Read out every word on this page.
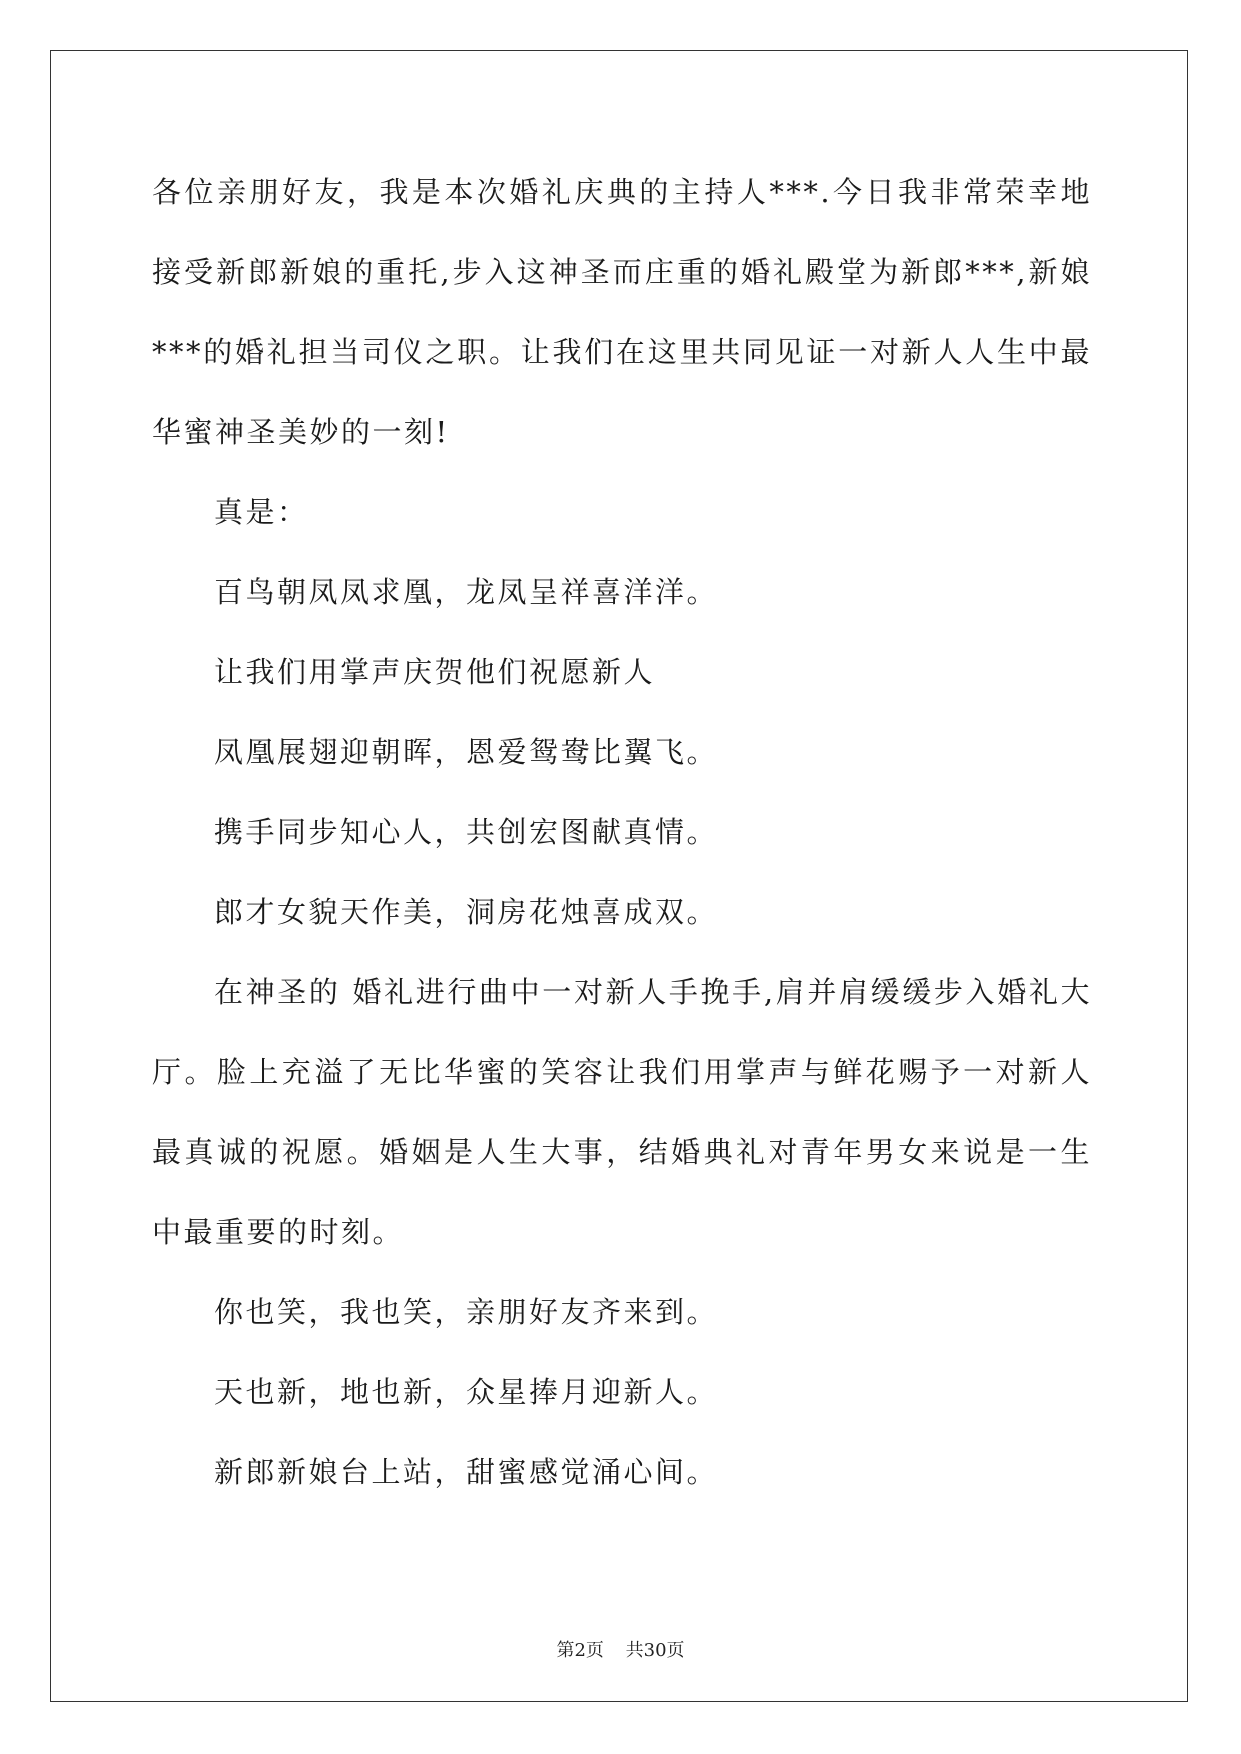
各位亲朋好友，我是本次婚礼庆典的主持人***.今日我非常荣幸地接受新郎新娘的重托,步入这神圣而庄重的婚礼殿堂为新郎***,新娘***的婚礼担当司仪之职。让我们在这里共同见证一对新人人生中最华蜜神圣美妙的一刻!

真是：

百鸟朝凤凤求凰，龙凤呈祥喜洋洋。

让我们用掌声庆贺他们祝愿新人

凤凰展翅迎朝晖，恩爱鸳鸯比翼飞。

携手同步知心人，共创宏图献真情。

郎才女貌天作美，洞房花烛喜成双。

在神圣的 婚礼进行曲中一对新人手挽手,肩并肩缓缓步入婚礼大厅。脸上充溢了无比华蜜的笑容让我们用掌声与鲜花赐予一对新人最真诚的祝愿。婚姻是人生大事，结婚典礼对青年男女来说是一生中最重要的时刻。

你也笑，我也笑，亲朋好友齐来到。

天也新，地也新，众星捧月迎新人。

新郎新娘台上站，甜蜜感觉涌心间。

第2页 共30页
